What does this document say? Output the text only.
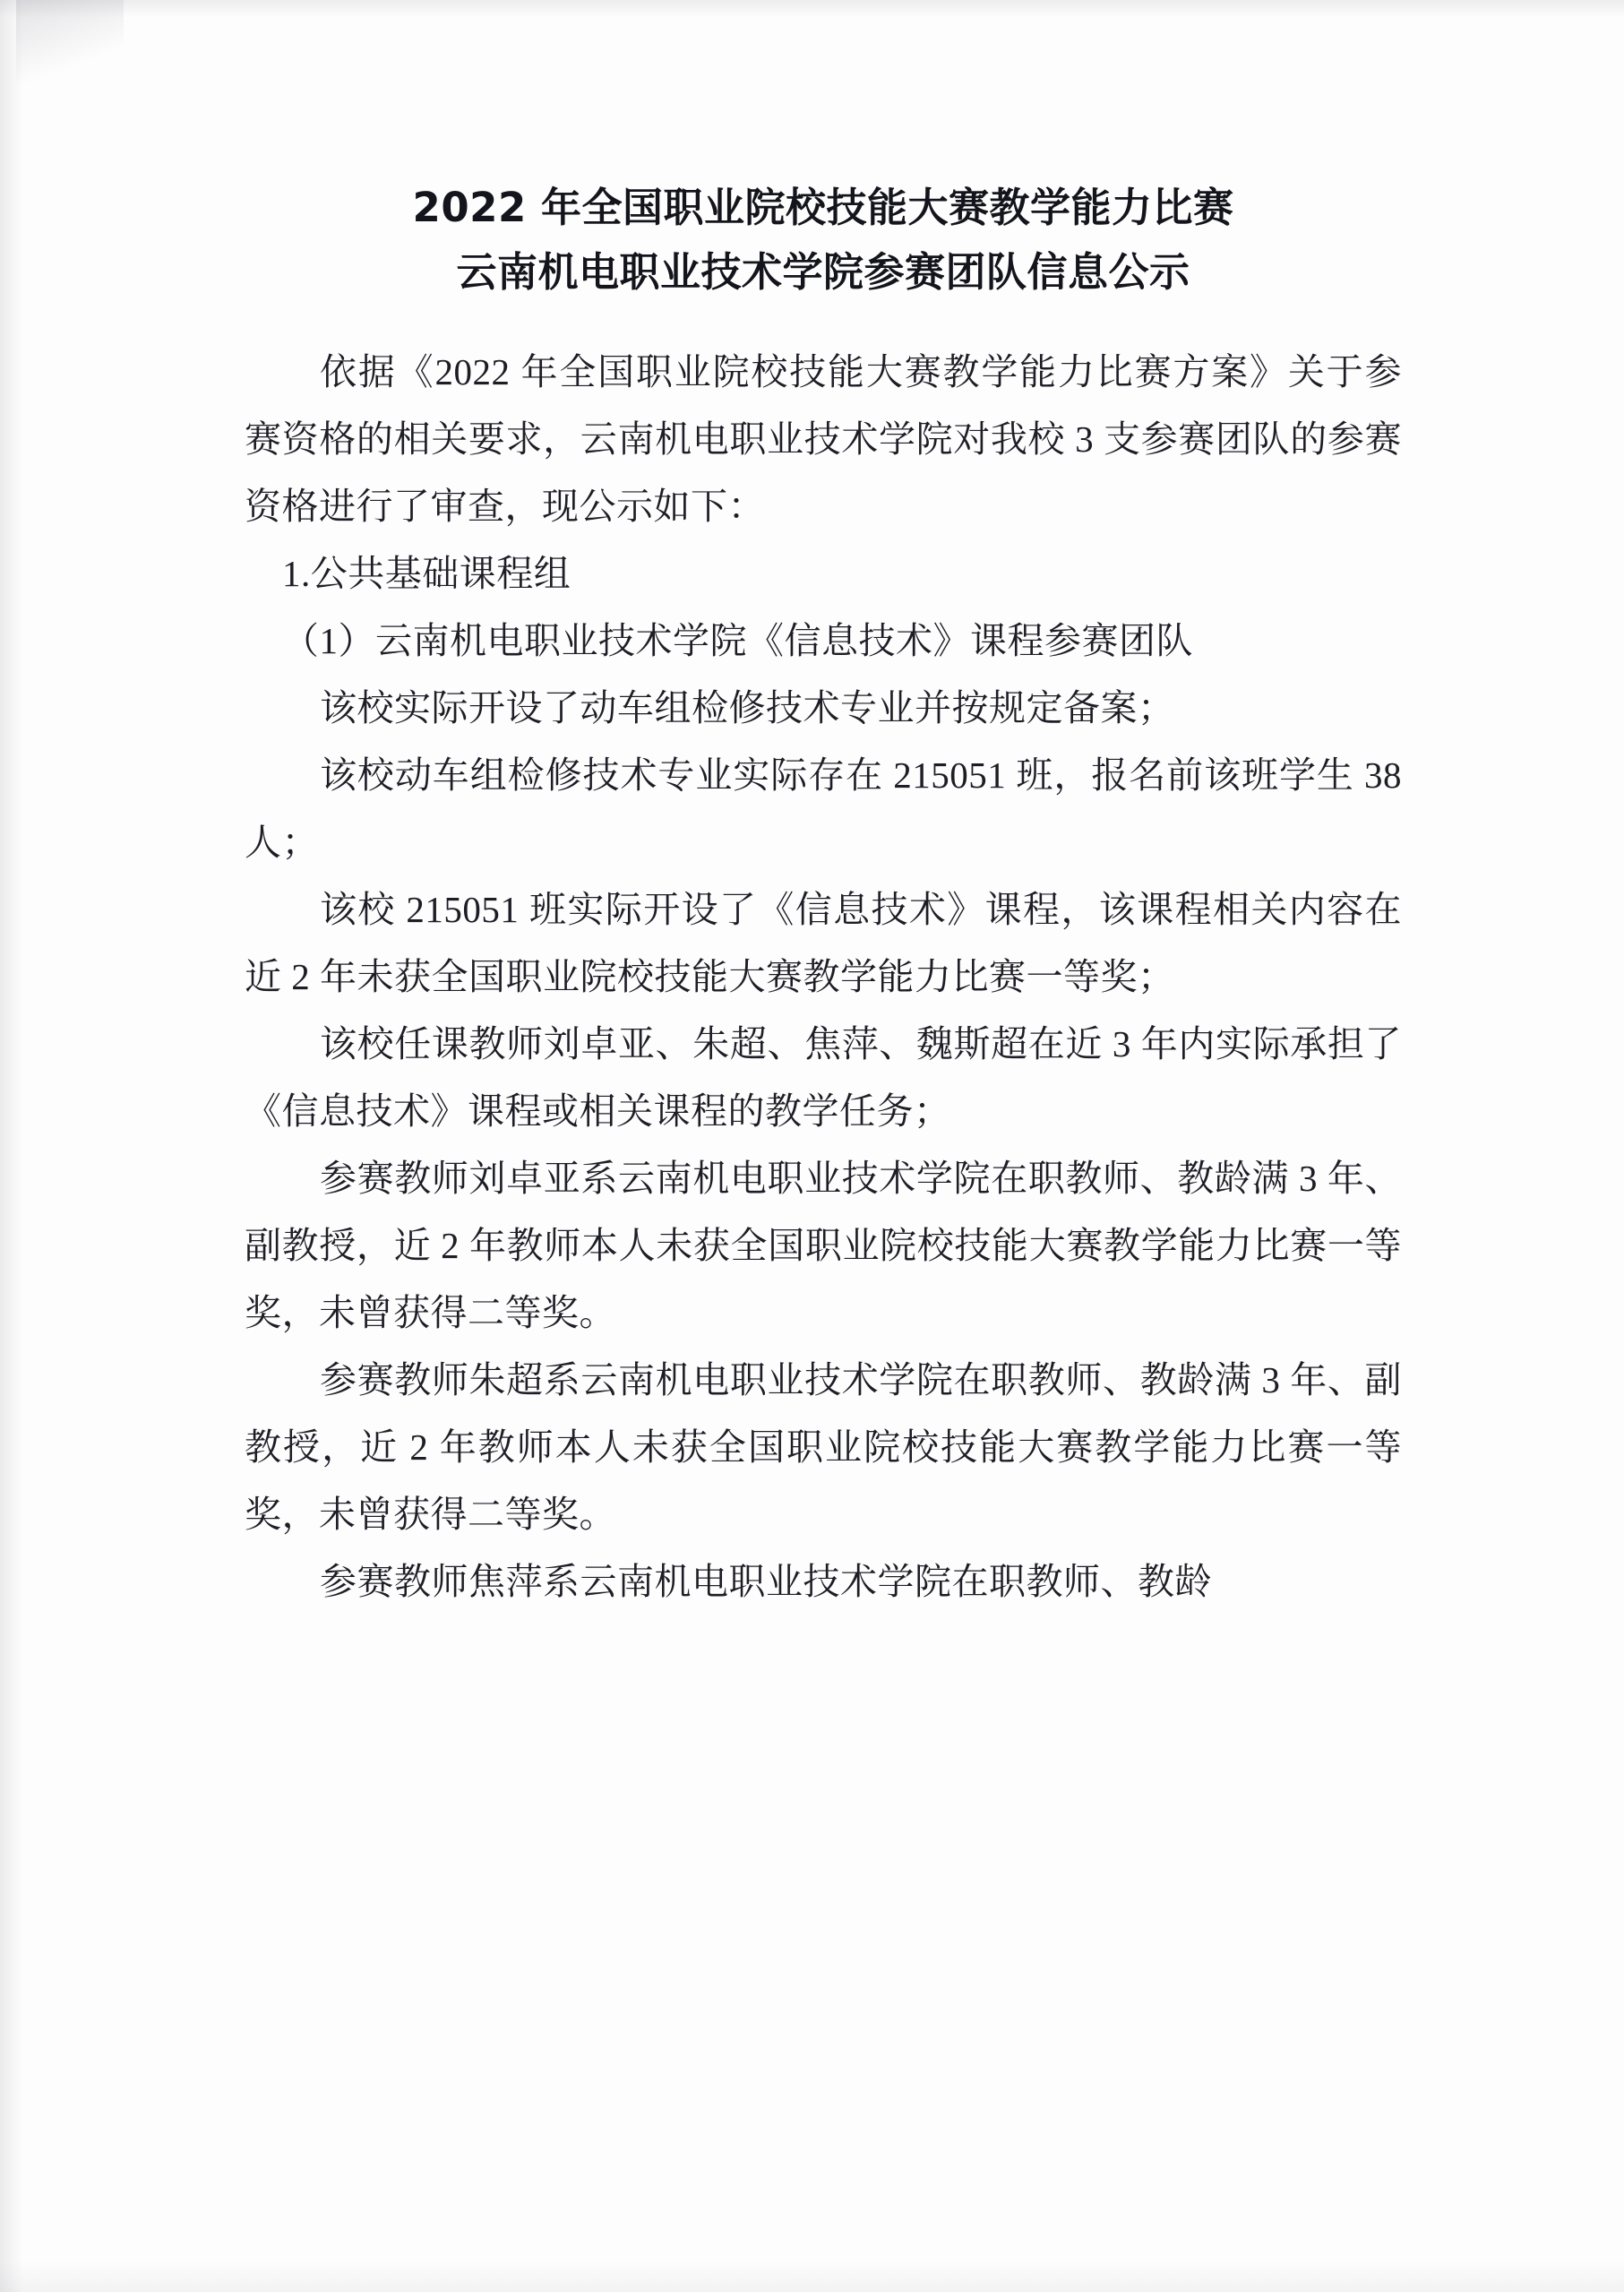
2022 年全国职业院校技能大赛教学能力比赛
云南机电职业技术学院参赛团队信息公示

依据《2022 年全国职业院校技能大赛教学能力比赛方案》关于参赛资格的相关要求，云南机电职业技术学院对我校 3 支参赛团队的参赛资格进行了审查，现公示如下：

1.公共基础课程组

（1）云南机电职业技术学院《信息技术》课程参赛团队

该校实际开设了动车组检修技术专业并按规定备案；

该校动车组检修技术专业实际存在 215051 班，报名前该班学生 38 人；

该校 215051 班实际开设了《信息技术》课程，该课程相关内容在近 2 年未获全国职业院校技能大赛教学能力比赛一等奖；

该校任课教师刘卓亚、朱超、焦萍、魏斯超在近 3 年内实际承担了《信息技术》课程或相关课程的教学任务；

参赛教师刘卓亚系云南机电职业技术学院在职教师、教龄满 3 年、副教授，近 2 年教师本人未获全国职业院校技能大赛教学能力比赛一等奖，未曾获得二等奖。

参赛教师朱超系云南机电职业技术学院在职教师、教龄满 3 年、副教授，近 2 年教师本人未获全国职业院校技能大赛教学能力比赛一等奖，未曾获得二等奖。

参赛教师焦萍系云南机电职业技术学院在职教师、教龄
